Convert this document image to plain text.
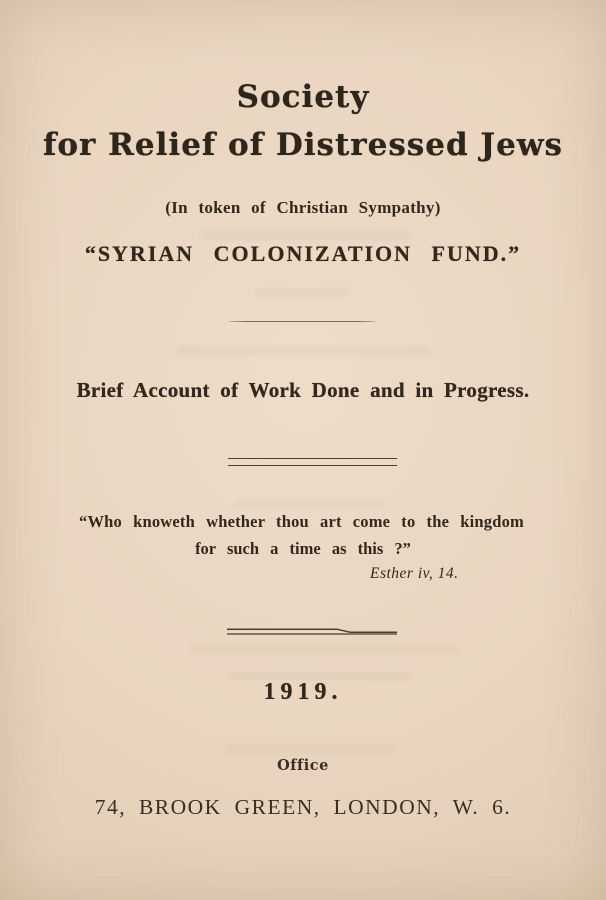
Society
for Relief of Distressed Jews
(In token of Christian Sympathy)
“SYRIAN COLONIZATION FUND.”
Brief Account of Work Done and in Progress.
“Who knoweth whether thou art come to the kingdom
for such a time as this ?”
Esther iv, 14.
1919.
Office
74, BROOK GREEN, LONDON, W. 6.
